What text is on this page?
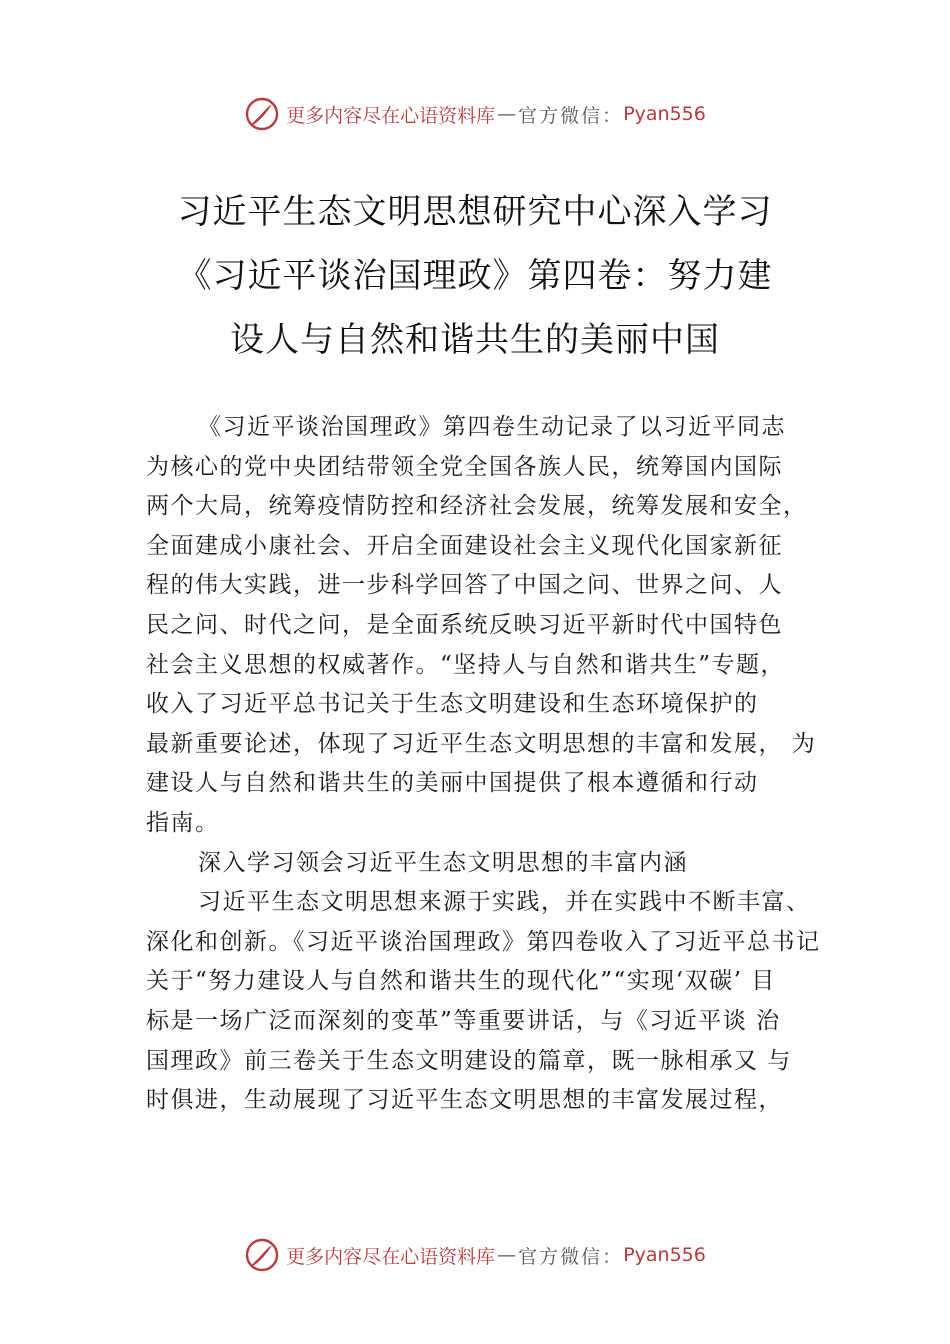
更多内容尽在心语资料库 — 官方微信： Pyan556
习近平生态文明思想研究中心深入学习
《习近平谈治国理政》第四卷：努力建
设人与自然和谐共生的美丽中国

《习近平谈治国理政》第四卷生动记录了以习近平同志
为核心的党中央团结带领全党全国各族人民，统筹国内国际
两个大局，统筹疫情防控和经济社会发展，统筹发展和安全，
全面建成小康社会、开启全面建设社会主义现代化国家新征
程的伟大实践，进一步科学回答了中国之问、世界之问、人
民之问、时代之问，是全面系统反映习近平新时代中国特色
社会主义思想的权威著作。“坚持人与自然和谐共生”专题，
收入了习近平总书记关于生态文明建设和生态环境保护的
最新重要论述，体现了习近平生态文明思想的丰富和发展， 为
建设人与自然和谐共生的美丽中国提供了根本遵循和行动
指南。

深入学习领会习近平生态文明思想的丰富内涵

习近平生态文明思想来源于实践，并在实践中不断丰富、
深化和创新。《习近平谈治国理政》第四卷收入了习近平总书记
关于“努力建设人与自然和谐共生的现代化”“实现‘双碳’ 目
标是一场广泛而深刻的变革”等重要讲话，与《习近平谈 治
国理政》前三卷关于生态文明建设的篇章，既一脉相承又 与
时俱进，生动展现了习近平生态文明思想的丰富发展过程，

更多内容尽在心语资料库 — 官方微信： Pyan556
